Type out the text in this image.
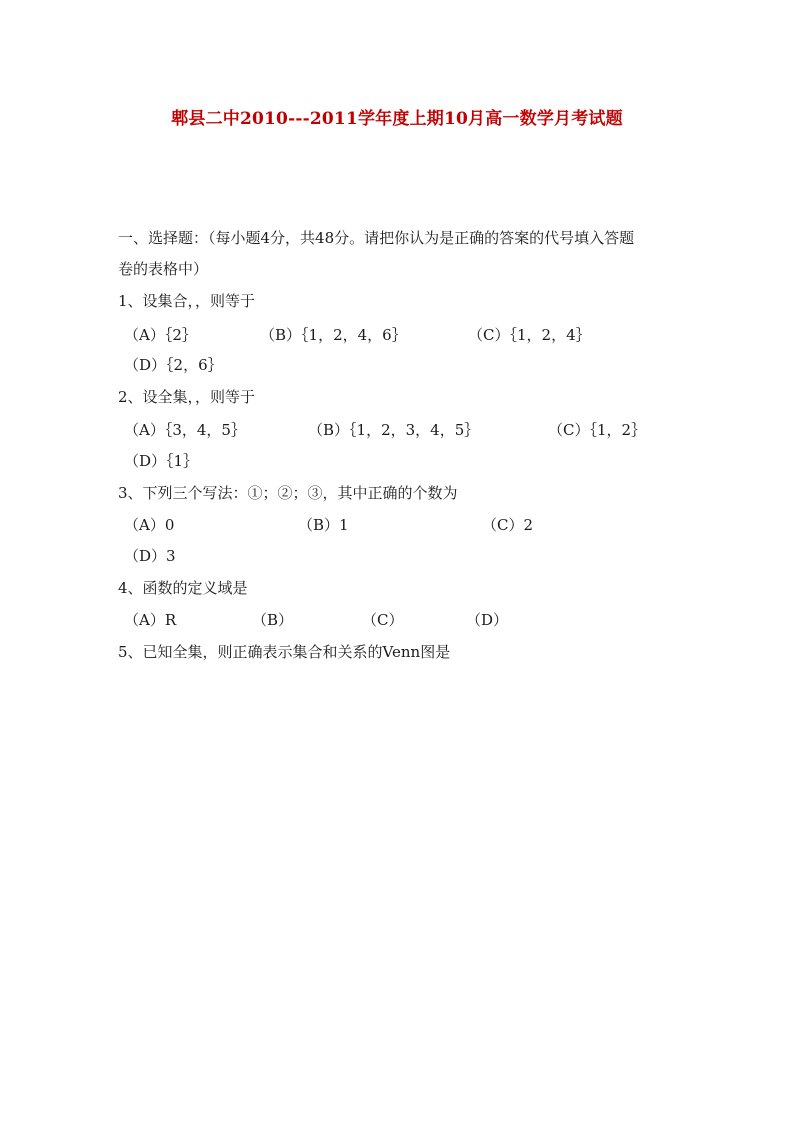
郫县二中2010---2011学年度上期10月高一数学月考试题
一、选择题：（每小题4分，共48分。请把你认为是正确的答案的代号填入答题
卷的表格中）
1、设集合，，则等于
（A）｛2｝	（B）｛1，2，4，6｝	（C）｛1，2，4｝
（D）｛2，6｝
2、设全集，，则等于
（A）｛3，4，5｝	（B）｛1，2，3，4，5｝	（C）｛1，2｝
（D）｛1｝
3、下列三个写法：①；②；③，其中正确的个数为
（A）0	（B）1	（C）2
（D）3
4、函数的定义域是
（A）R	（B）	（C）	（D）
5、已知全集，则正确表示集合和关系的Venn图是
